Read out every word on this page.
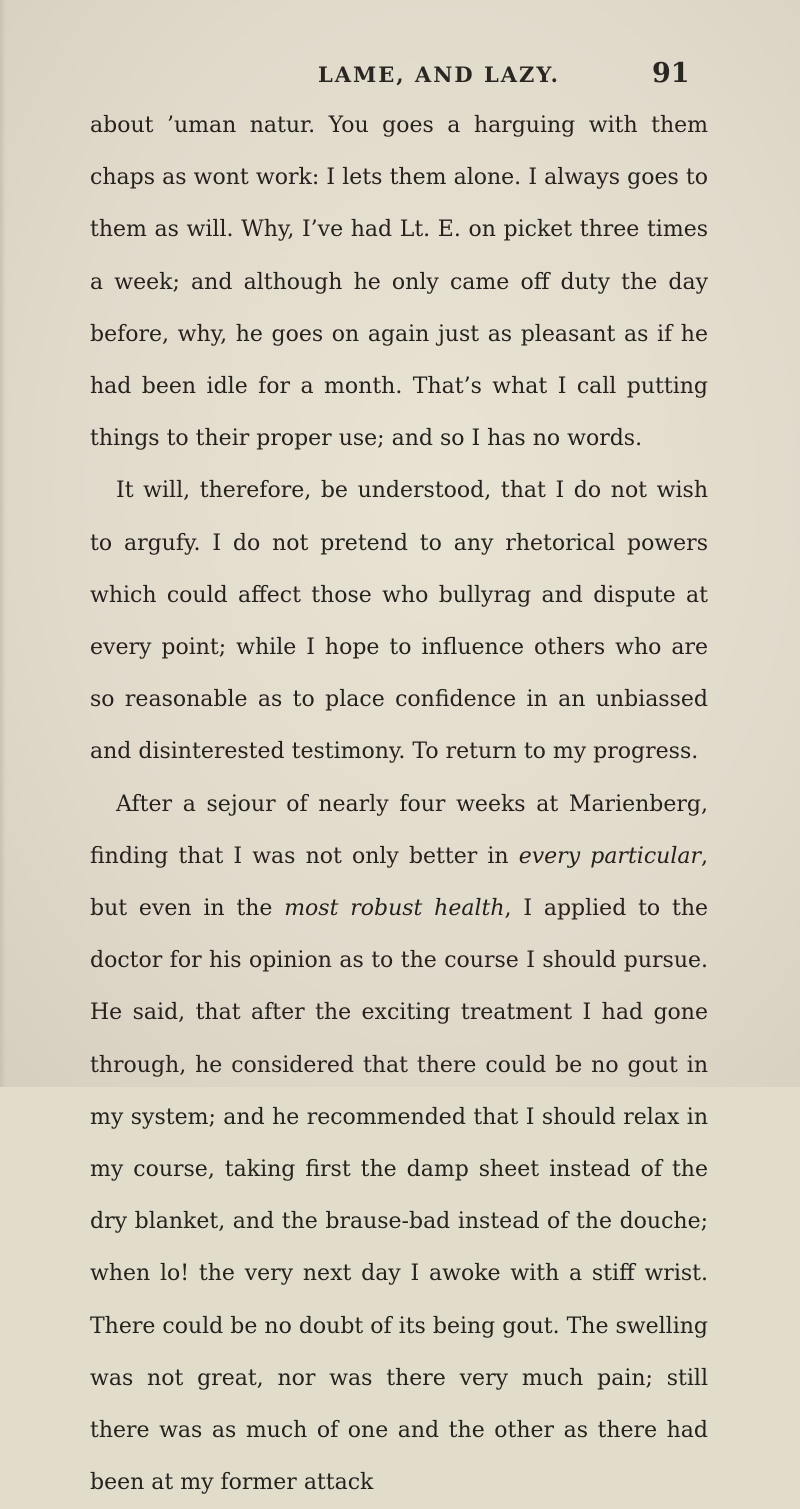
LAME, AND LAZY.	91

about ’uman natur. You goes a harguing with them chaps as wont work: I lets them alone. I always goes to them as will. Why, I’ve had Lt. E. on picket three times a week; and although he only came off duty the day before, why, he goes on again just as pleasant as if he had been idle for a month. That’s what I call putting things to their proper use; and so I has no words.

It will, therefore, be understood, that I do not wish to argufy. I do not pretend to any rhetorical powers which could affect those who bullyrag and dispute at every point; while I hope to influence others who are so reasonable as to place confidence in an unbiassed and disinterested testimony. To return to my progress.

After a sejour of nearly four weeks at Marienberg, finding that I was not only better in every particular, but even in the most robust health, I applied to the doctor for his opinion as to the course I should pursue. He said, that after the exciting treatment I had gone through, he considered that there could be no gout in my system; and he recommended that I should relax in my course, taking first the damp sheet instead of the dry blanket, and the brause-bad instead of the douche; when lo! the very next day I awoke with a stiff wrist. There could be no doubt of its being gout. The swelling was not great, nor was there very much pain; still there was as much of one and the other as there had been at my former attack
